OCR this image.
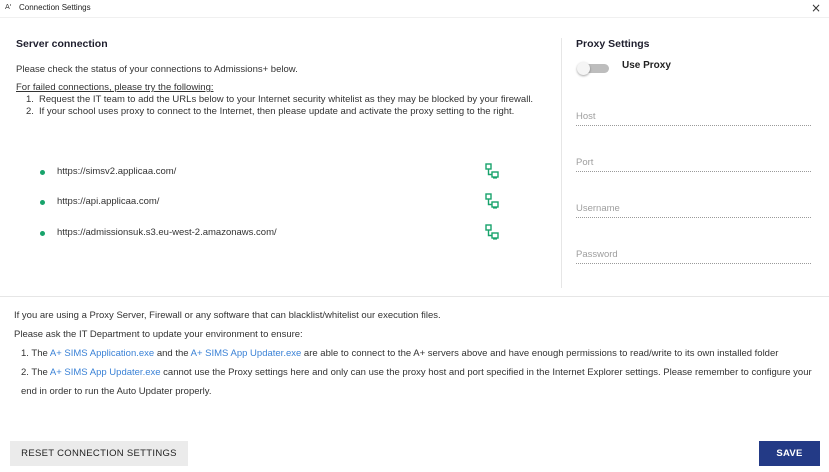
A' Connection Settings	×
Server connection
Please check the status of your connections to Admissions+ below.
For failed connections, please try the following:
1. Request the IT team to add the URLs below to your Internet security whitelist as they may be blocked by your firewall.
2. If your school uses proxy to connect to the Internet, then please update and activate the proxy setting to the right.
https://simsv2.applicaa.com/
https://api.applicaa.com/
https://admissionsuk.s3.eu-west-2.amazonaws.com/
Proxy Settings
Use Proxy
Host
Port
Username
If you are using a Proxy Server, Firewall or any software that can blacklist/whitelist our execution files.
Please ask the IT Department to update your environment to ensure:
1. The A+ SIMS Application.exe and the A+ SIMS App Updater.exe are able to connect to the A+ servers above and have enough permissions to read/write to its own installed folder
2. The A+ SIMS App Updater.exe cannot use the Proxy settings here and only can use the proxy host and port specified in the Internet Explorer settings. Please remember to configure your end in order to run the Auto Updater properly.
RESET CONNECTION SETTINGS	SAVE
